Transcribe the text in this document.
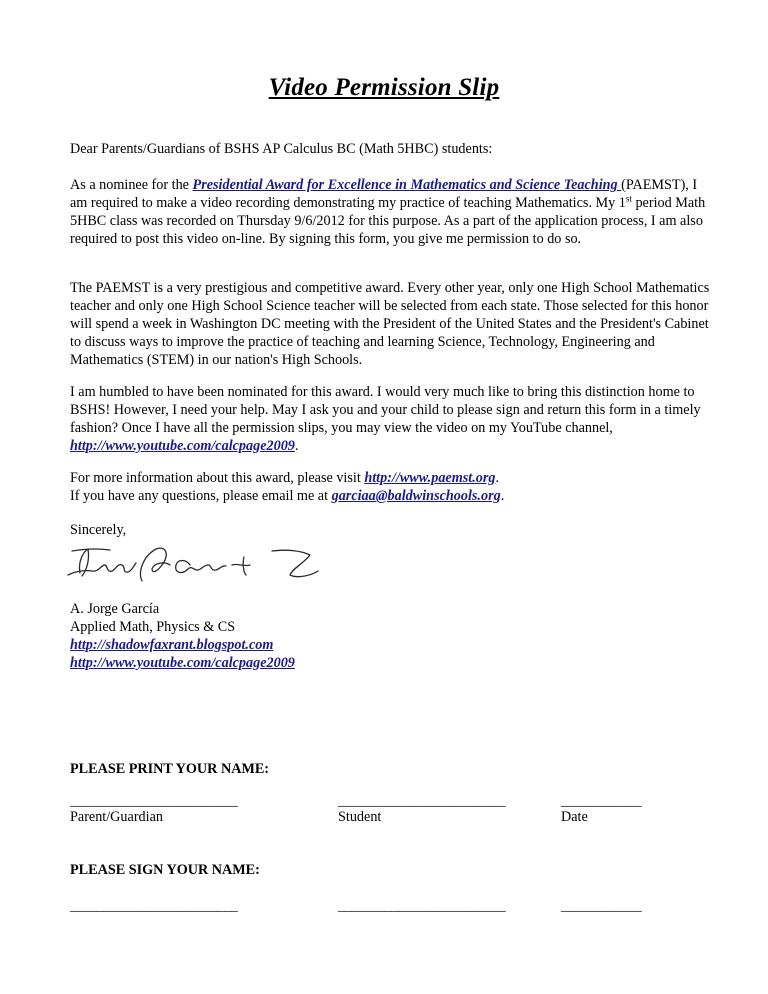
Video Permission Slip

Dear Parents/Guardians of BSHS AP Calculus BC (Math 5HBC) students:

As a nominee for the Presidential Award for Excellence in Mathematics and Science Teaching (PAEMST), I am required to make a video recording demonstrating my practice of teaching Mathematics. My 1st period Math 5HBC class was recorded on Thursday 9/6/2012 for this purpose. As a part of the application process, I am also required to post this video on-line. By signing this form, you give me permission to do so.

The PAEMST is a very prestigious and competitive award. Every other year, only one High School Mathematics teacher and only one High School Science teacher will be selected from each state. Those selected for this honor will spend a week in Washington DC meeting with the President of the United States and the President's Cabinet to discuss ways to improve the practice of teaching and learning Science, Technology, Engineering and Mathematics (STEM) in our nation's High Schools.

I am humbled to have been nominated for this award. I would very much like to bring this distinction home to BSHS! However, I need your help. May I ask you and your child to please sign and return this form in a timely fashion? Once I have all the permission slips, you may view the video on my YouTube channel, http://www.youtube.com/calcpage2009.

For more information about this award, please visit http://www.paemst.org.

If you have any questions, please email me at garciaa@baldwinschools.org.

Sincerely,

A. Jorge García

Applied Math, Physics & CS

http://shadowfaxrant.blogspot.com

http://www.youtube.com/calcpage2009

PLEASE PRINT YOUR NAME:
_________________________	_________________________	____________
Parent/Guardian	Student	Date
PLEASE SIGN YOUR NAME:
_________________________	_________________________	____________
